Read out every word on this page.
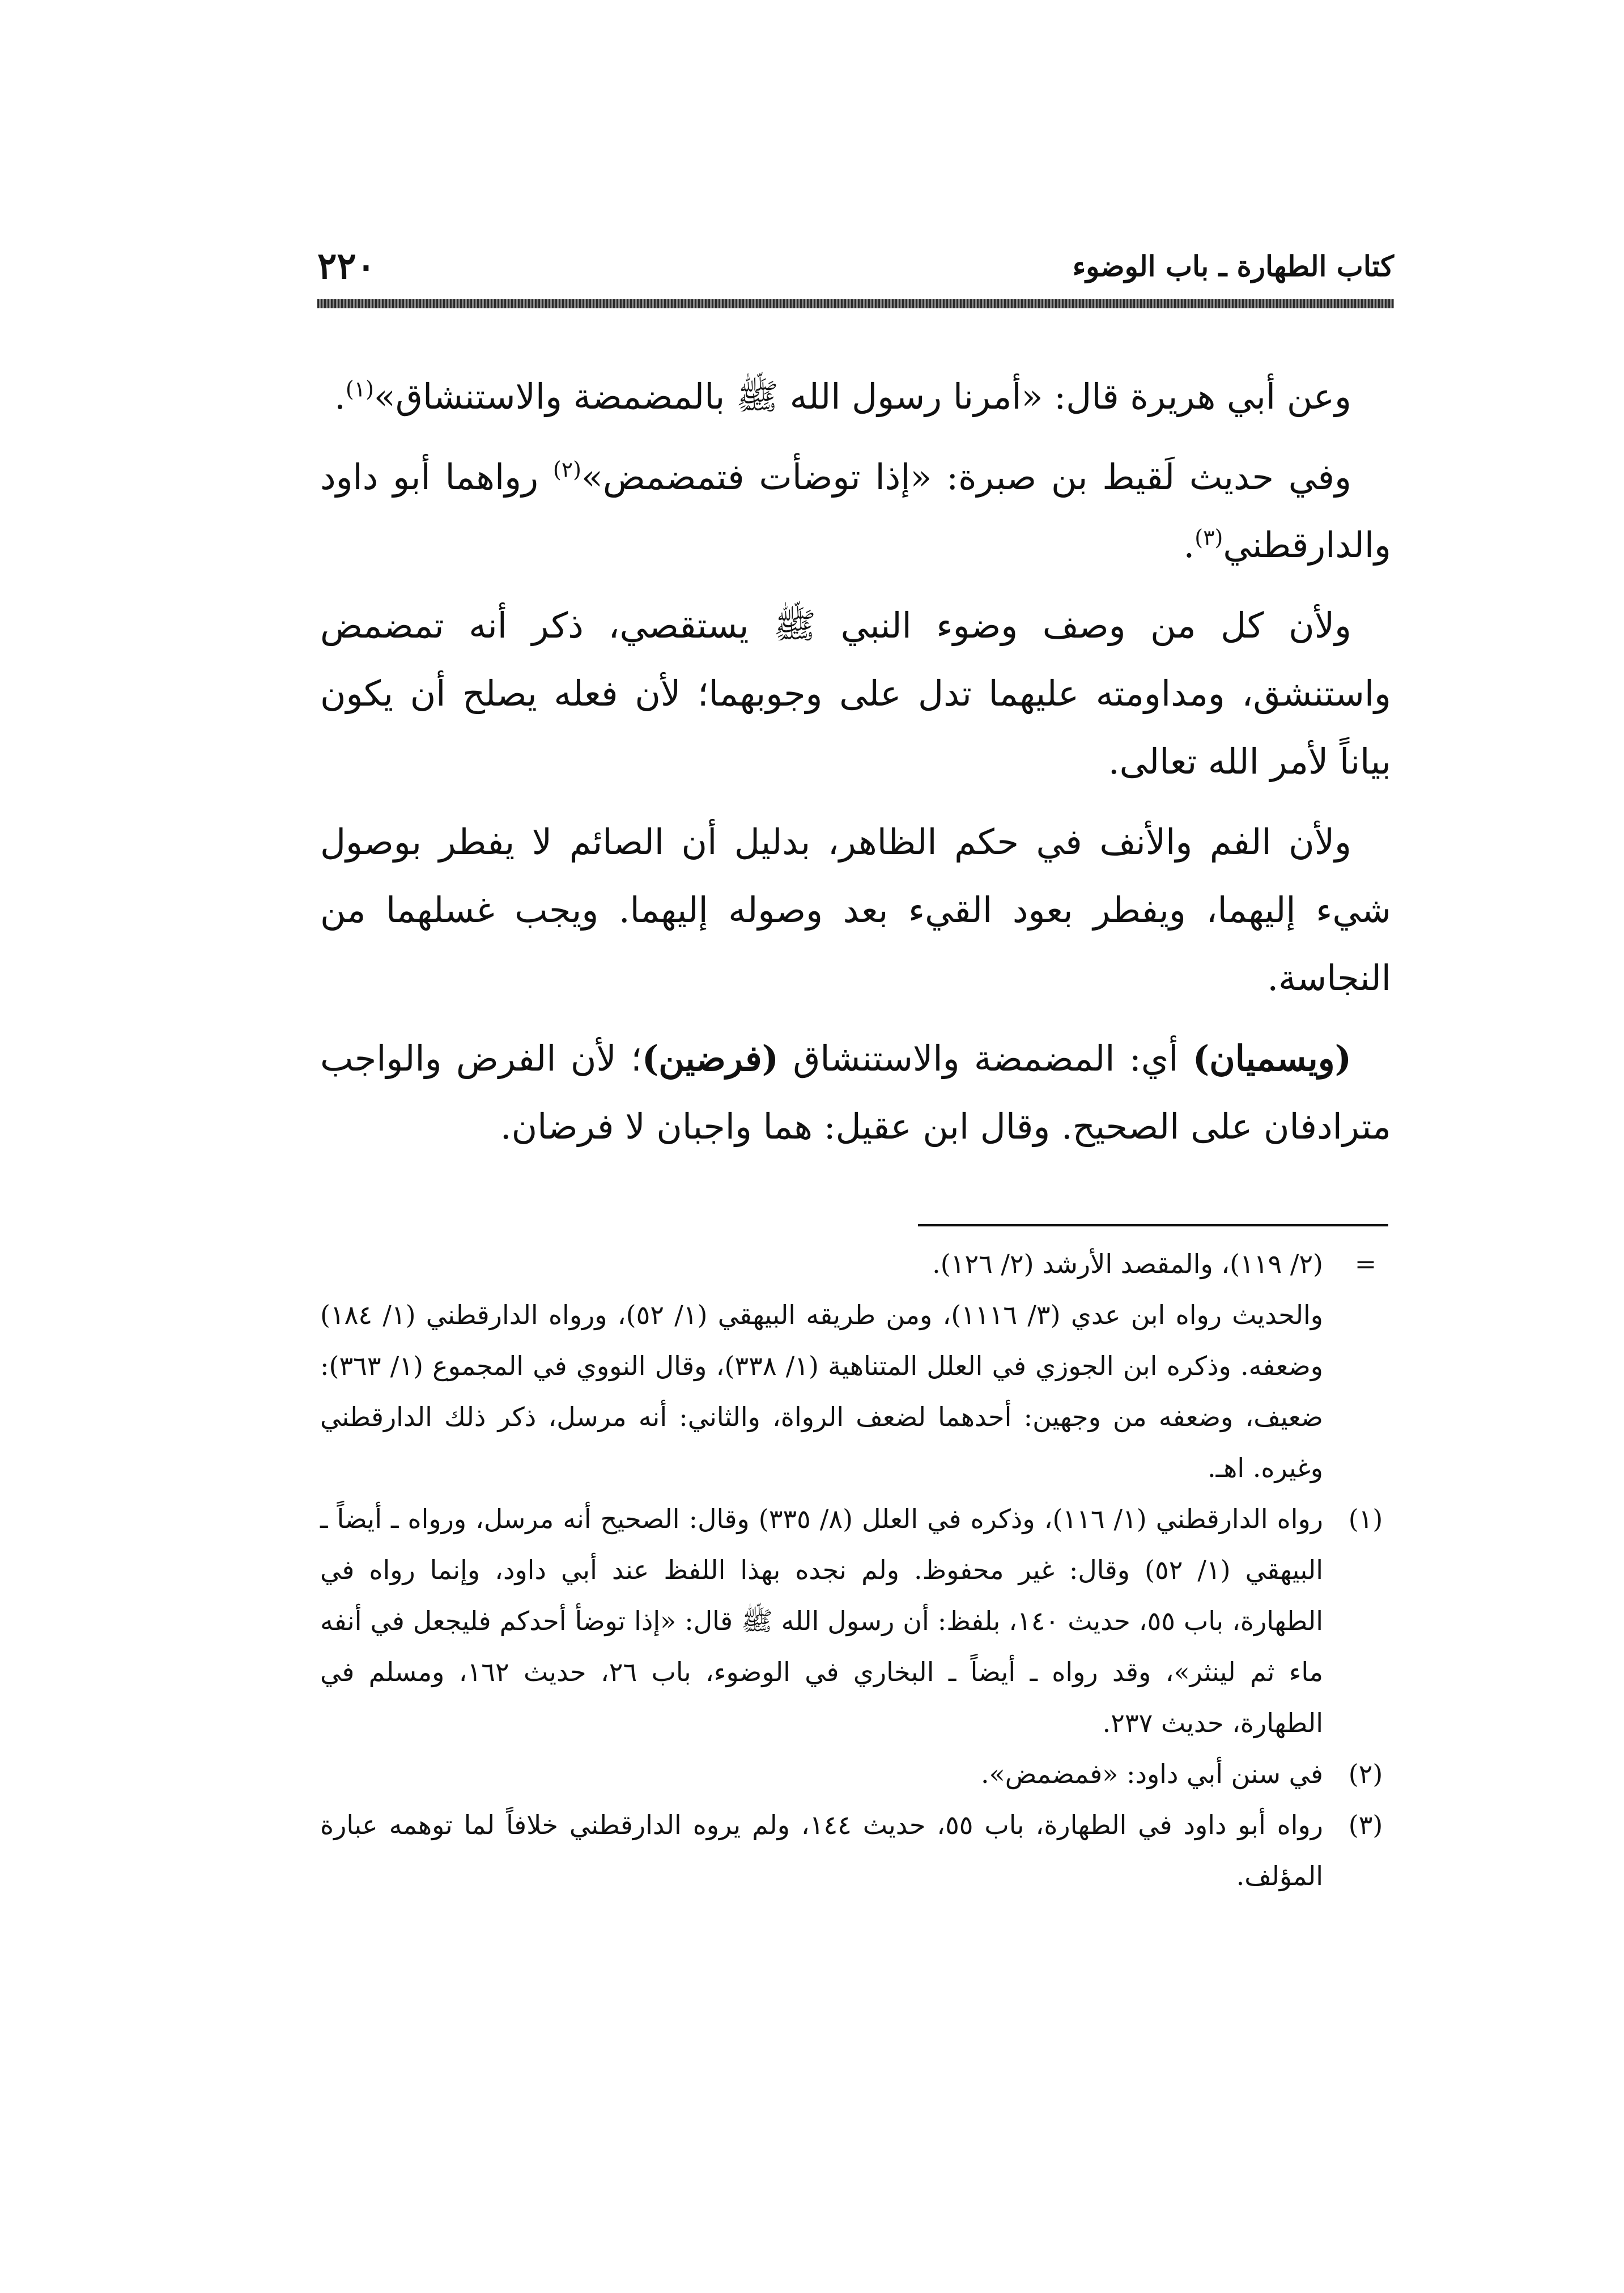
كتاب الطهارة ـ باب الوضوء
٢٢٠

وعن أبي هريرة قال: «أمرنا رسول الله ﷺ بالمضمضة والاستنشاق»$^{(١)}$.

وفي حديث لَقيط بن صبرة: «إذا توضأت فتمضمض»$^{(٢)}$ رواهما أبو داود والدارقطني$^{(٣)}$.

ولأن كل من وصف وضوء النبي ﷺ يستقصي، ذكر أنه تمضمض واستنشق، ومداومته عليهما تدل على وجوبهما؛ لأن فعله يصلح أن يكون بياناً لأمر الله تعالى.

ولأن الفم والأنف في حكم الظاهر، بدليل أن الصائم لا يفطر بوصول شيء إليهما، ويفطر بعود القيء بعد وصوله إليهما. ويجب غسلهما من النجاسة.

(ويسميان) أي: المضمضة والاستنشاق (فرضين)؛ لأن الفرض والواجب مترادفان على الصحيح. وقال ابن عقيل: هما واجبان لا فرضان.

=
(٢/ ١١٩)، والمقصد الأرشد (٢/ ١٢٦).

والحديث رواه ابن عدي (٣/ ١١١٦)، ومن طريقه البيهقي (١/ ٥٢)، ورواه الدارقطني (١/ ١٨٤) وضعفه. وذكره ابن الجوزي في العلل المتناهية (١/ ٣٣٨)، وقال النووي في المجموع (١/ ٣٦٣): ضعيف، وضعفه من وجهين: أحدهما لضعف الرواة، والثاني: أنه مرسل، ذكر ذلك الدارقطني وغيره. اهـ.

(١)
رواه الدارقطني (١/ ١١٦)، وذكره في العلل (٨/ ٣٣٥) وقال: الصحيح أنه مرسل، ورواه ـ أيضاً ـ البيهقي (١/ ٥٢) وقال: غير محفوظ. ولم نجده بهذا اللفظ عند أبي داود، وإنما رواه في الطهارة، باب ٥٥، حديث ١٤٠، بلفظ: أن رسول الله ﷺ قال: «إذا توضأ أحدكم فليجعل في أنفه ماء ثم لينثر»، وقد رواه ـ أيضاً ـ البخاري في الوضوء، باب ٢٦، حديث ١٦٢، ومسلم في الطهارة، حديث ٢٣٧.

(٢)
في سنن أبي داود: «فمضمض».

(٣)
رواه أبو داود في الطهارة، باب ٥٥، حديث ١٤٤، ولم يروه الدارقطني خلافاً لما توهمه عبارة المؤلف.
